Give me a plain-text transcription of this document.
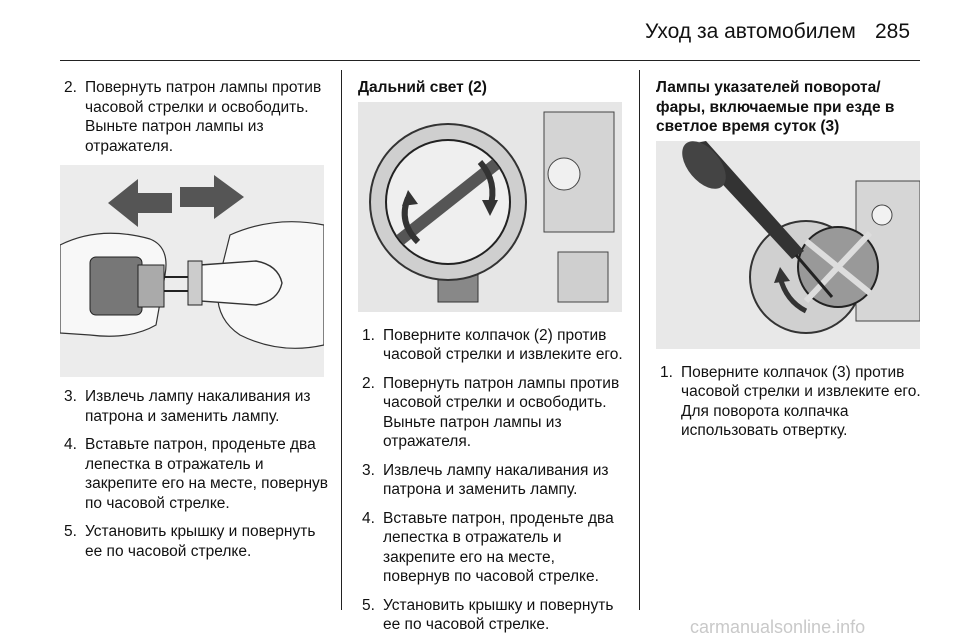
Уход за автомобилем 285
2. Повернуть патрон лампы против часовой стрелки и освободить. Выньте патрон лампы из отражателя.
3. Извлечь лампу накаливания из патрона и заменить лампу.
4. Вставьте патрон, проденьте два лепестка в отражатель и закрепите его на месте, повернув по часовой стрелке.
5. Установить крышку и повернуть ее по часовой стрелке.
Дальний свет (2)
1. Поверните колпачок (2) против часовой стрелки и извлеките его.
2. Повернуть патрон лампы против часовой стрелки и освободить. Выньте патрон лампы из отражателя.
3. Извлечь лампу накаливания из патрона и заменить лампу.
4. Вставьте патрон, проденьте два лепестка в отражатель и закрепите его на месте, повернув по часовой стрелке.
5. Установить крышку и повернуть ее по часовой стрелке.
Лампы указателей поворота/фары, включаемые при езде в светлое время суток (3)
1. Поверните колпачок (3) против часовой стрелки и извлеките его. Для поворота колпачка использовать отвертку.
carmanualsonline.info
